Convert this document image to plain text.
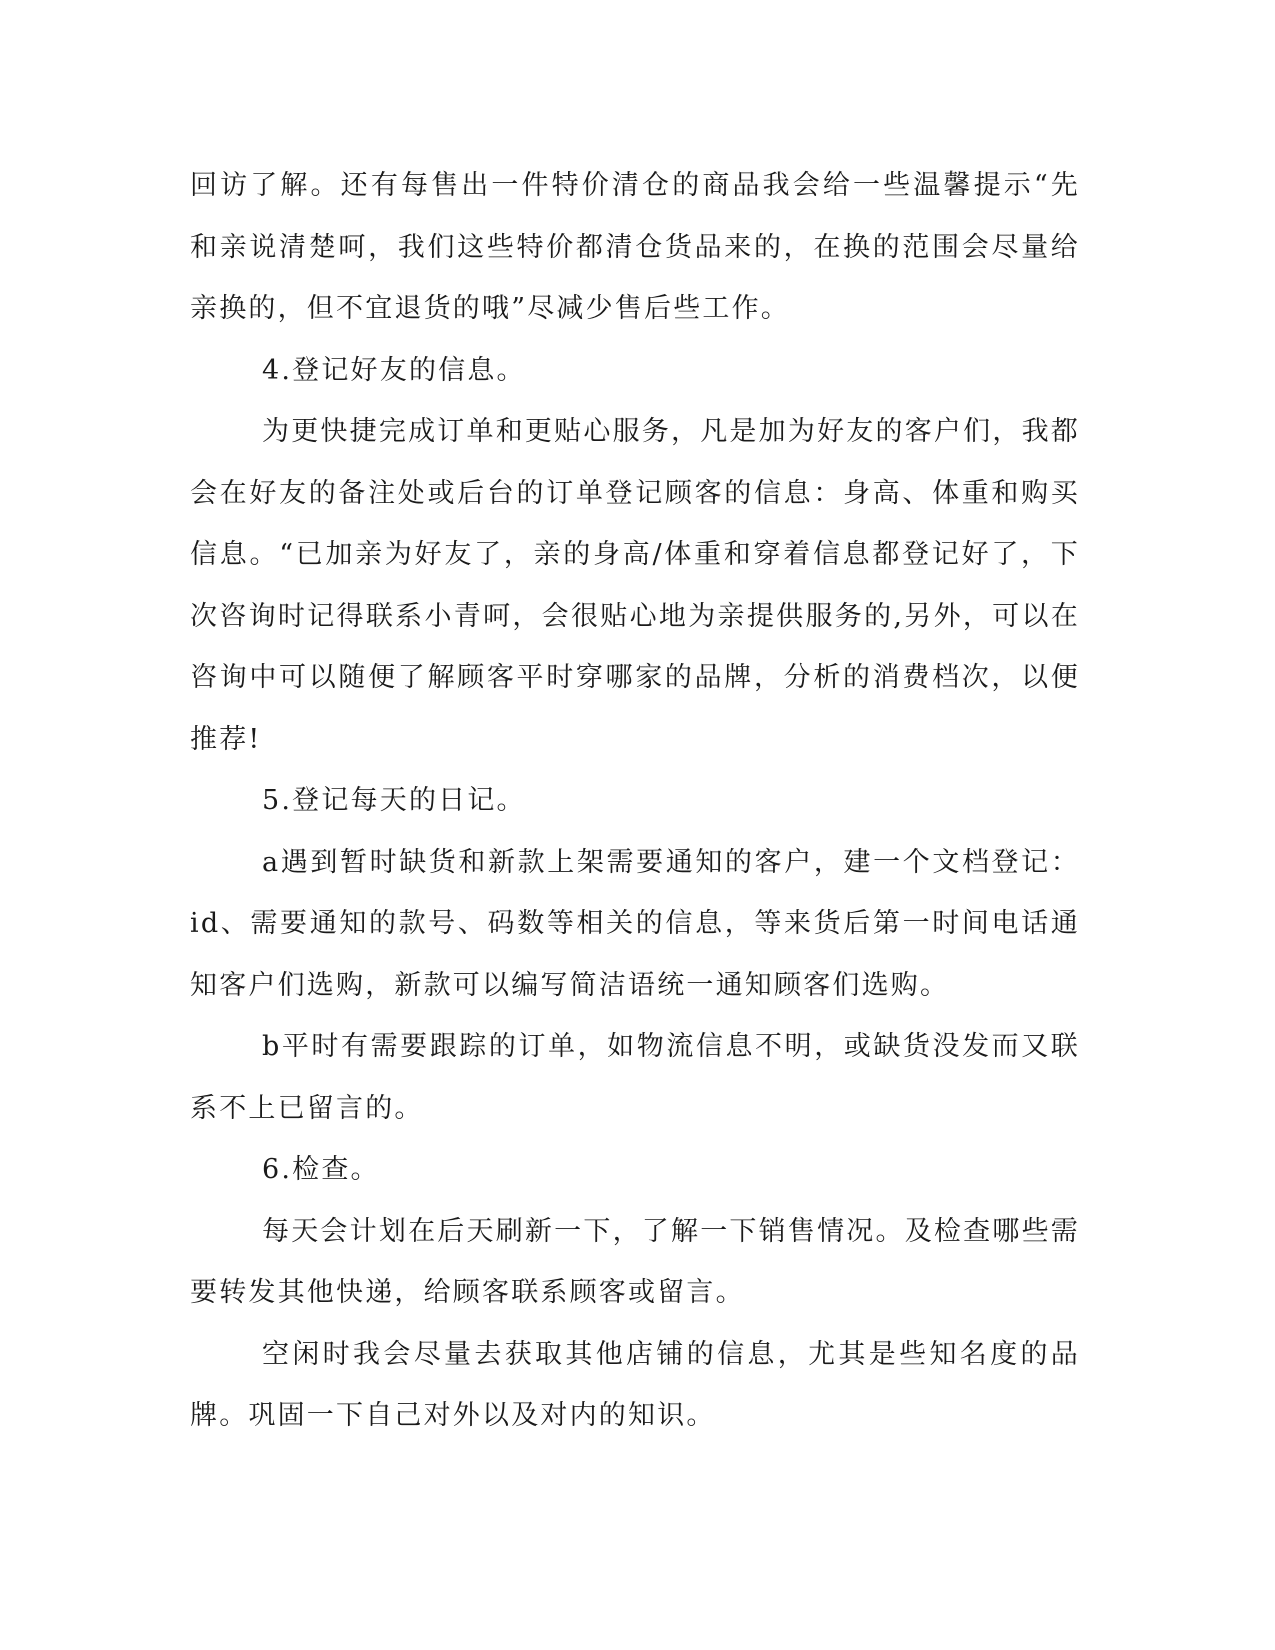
回访了解。还有每售出一件特价清仓的商品我会给一些温馨提示“先和亲说清楚呵，我们这些特价都清仓货品来的，在换的范围会尽量给亲换的，但不宜退货的哦”尽减少售后些工作。

4.登记好友的信息。

为更快捷完成订单和更贴心服务，凡是加为好友的客户们，我都会在好友的备注处或后台的订单登记顾客的信息：身高、体重和购买信息。“已加亲为好友了，亲的身高/体重和穿着信息都登记好了，下次咨询时记得联系小青呵，会很贴心地为亲提供服务的,另外，可以在咨询中可以随便了解顾客平时穿哪家的品牌，分析的消费档次，以便推荐!

5.登记每天的日记。

a遇到暂时缺货和新款上架需要通知的客户，建一个文档登记：id、需要通知的款号、码数等相关的信息，等来货后第一时间电话通知客户们选购，新款可以编写简洁语统一通知顾客们选购。

b平时有需要跟踪的订单，如物流信息不明，或缺货没发而又联系不上已留言的。

6.检查。

每天会计划在后天刷新一下，了解一下销售情况。及检查哪些需要转发其他快递，给顾客联系顾客或留言。

空闲时我会尽量去获取其他店铺的信息，尤其是些知名度的品牌。巩固一下自己对外以及对内的知识。
